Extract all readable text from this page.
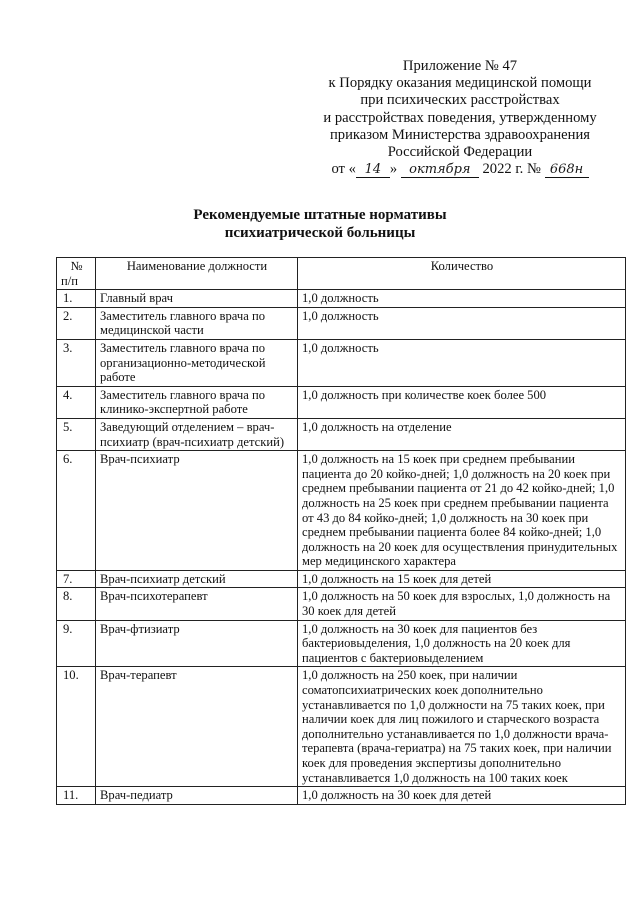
Приложение № 47
к Порядку оказания медицинской помощи
при психических расстройствах
и расстройствах поведения, утвержденному
приказом Министерства здравоохранения
Российской Федерации
от « 14 » октября 2022 г. № 668н
Рекомендуемые штатные нормативы
психиатрической больницы
№
п/п	Наименование должности	Количество
1.	Главный врач	1,0 должность
2.	Заместитель главного врача по медицинской части	1,0 должность
3.	Заместитель главного врача по организационно-методической работе	1,0 должность
4.	Заместитель главного врача по клинико-экспертной работе	1,0 должность при количестве коек более 500
5.	Заведующий отделением – врач-психиатр (врач-психиатр детский)	1,0 должность на отделение
6.	Врач-психиатр	1,0 должность на 15 коек при среднем пребывании пациента до 20 койко-дней; 1,0 должность на 20 коек при среднем пребывании пациента от 21 до 42 койко-дней; 1,0 должность на 25 коек при среднем пребывании пациента от 43 до 84 койко-дней; 1,0 должность на 30 коек при среднем пребывании пациента более 84 койко-дней; 1,0 должность на 20 коек для осуществления принудительных мер медицинского характера
7.	Врач-психиатр детский	1,0 должность на 15 коек для детей
8.	Врач-психотерапевт	1,0 должность на 50 коек для взрослых, 1,0 должность на 30 коек для детей
9.	Врач-фтизиатр	1,0 должность на 30 коек для пациентов без бактериовыделения, 1,0 должность на 20 коек для пациентов с бактериовыделением
10.	Врач-терапевт	1,0 должность на 250 коек, при наличии соматопсихиатрических коек дополнительно устанавливается по 1,0 должности на 75 таких коек, при наличии коек для лиц пожилого и старческого возраста дополнительно устанавливается по 1,0 должности врача-терапевта (врача-гериатра) на 75 таких коек, при наличии коек для проведения экспертизы дополнительно устанавливается 1,0 должность на 100 таких коек
11.	Врач-педиатр	1,0 должность на 30 коек для детей
